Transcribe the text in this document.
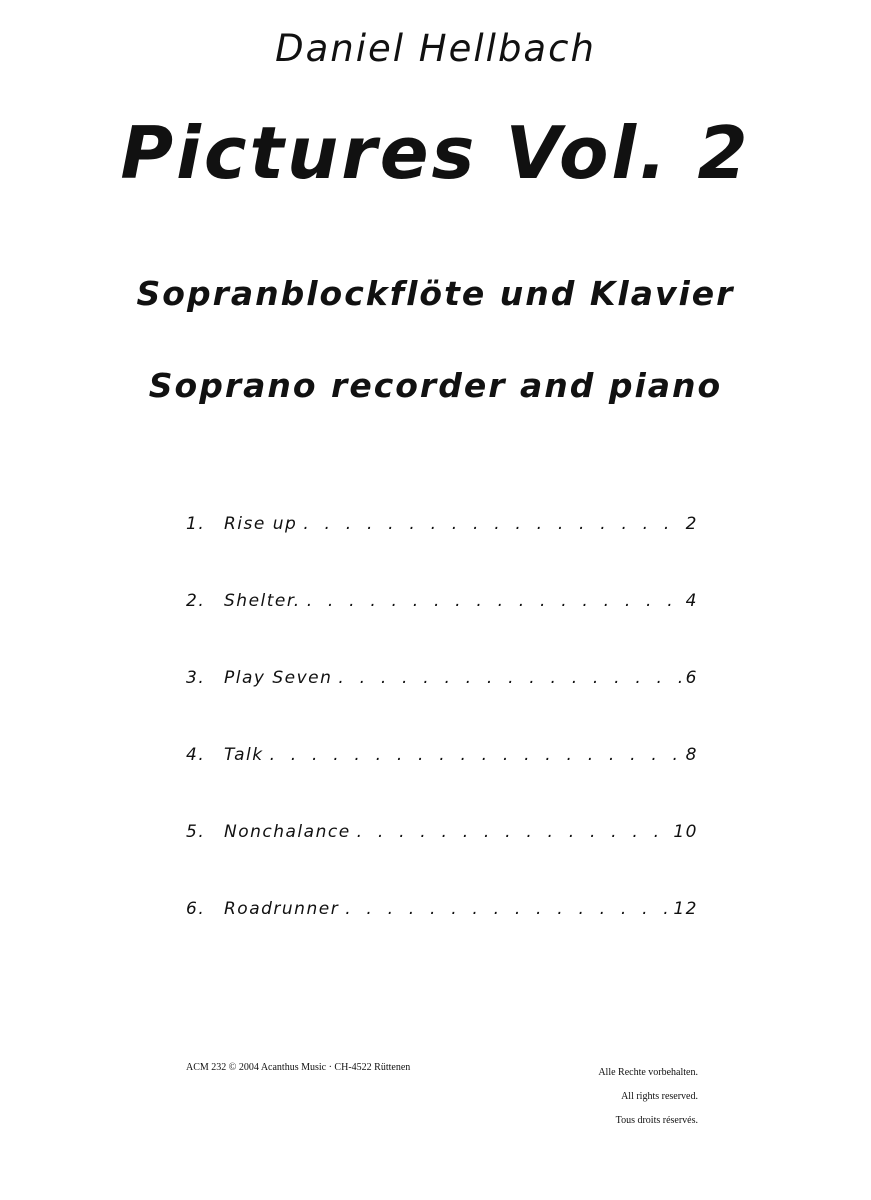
Daniel Hellbach
Pictures Vol. 2
Sopranblockflöte und Klavier
Soprano recorder and piano
1.	Rise up . . .	2
2.	Shelter. . . .	4
3.	Play Seven . . .	6
4.	Talk . . .	8
5.	Nonchalance . . .	10
6.	Roadrunner . . .	12
ACM 232 © 2004 Acanthus Music · CH-4522 Rüttenen	Alle Rechte vorbehalten.
All rights reserved.
Tous droits réservés.
